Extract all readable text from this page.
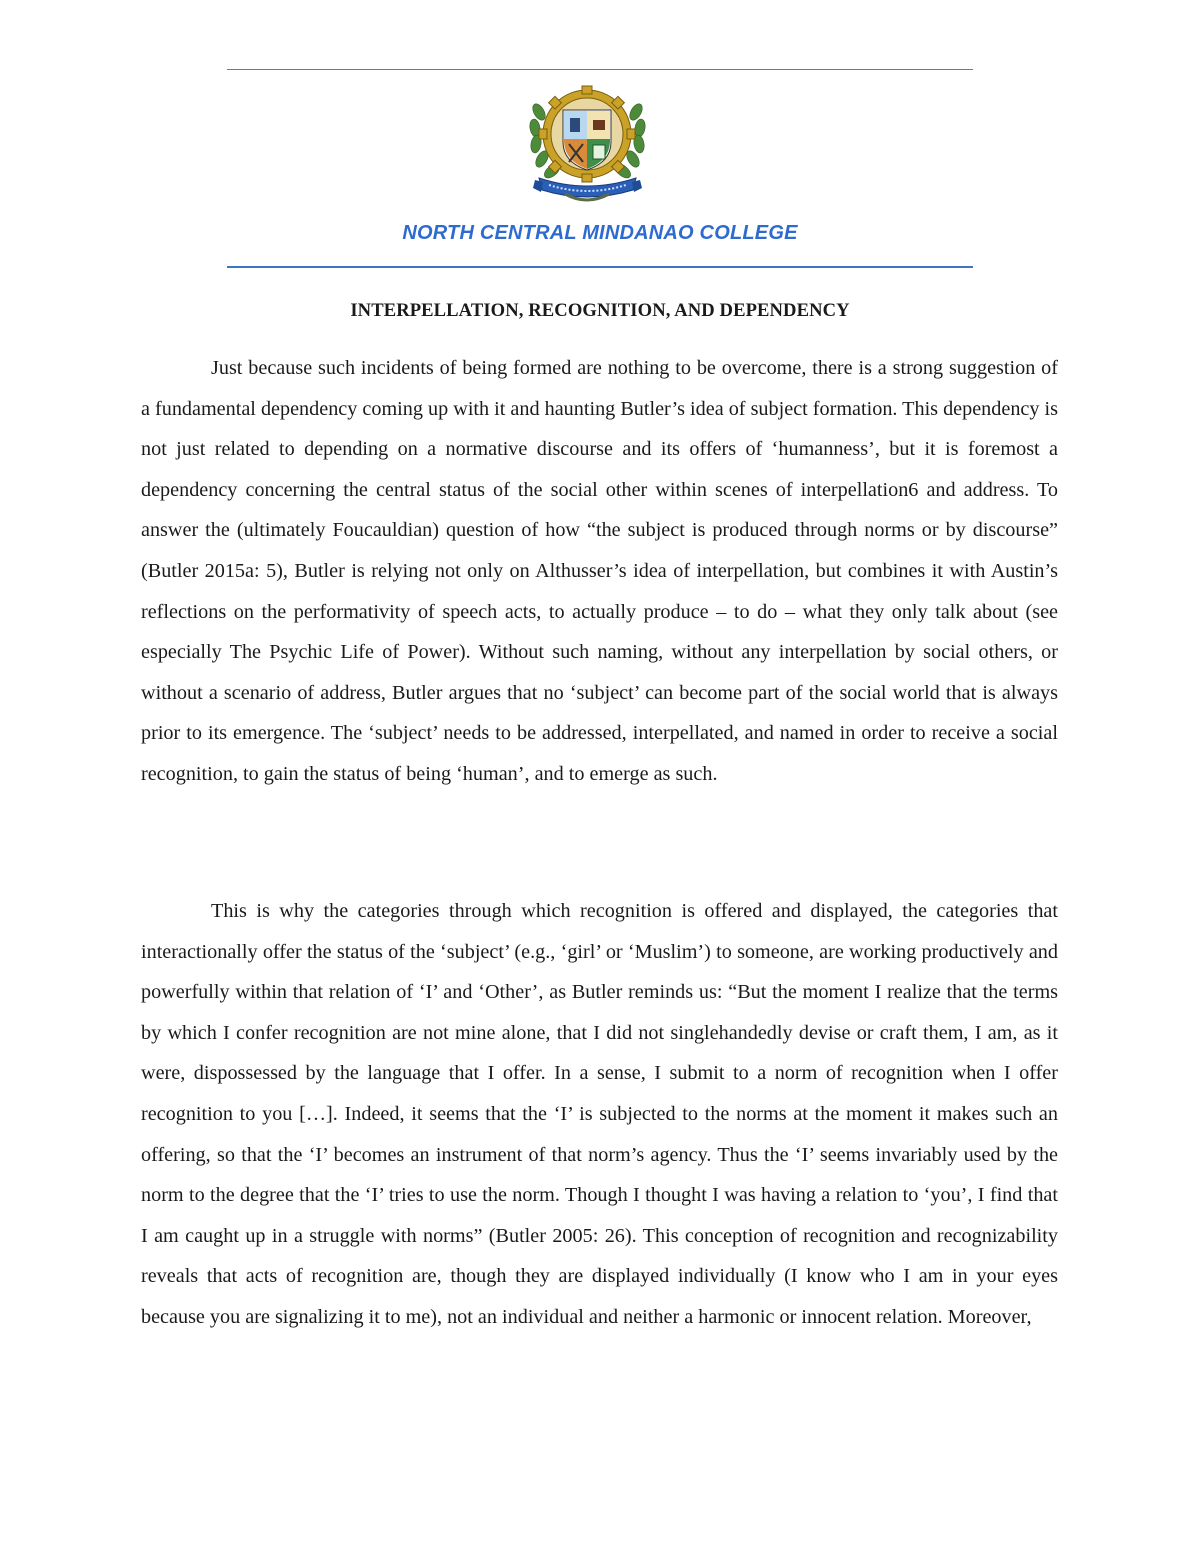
NORTH CENTRAL MINDANAO COLLEGE
INTERPELLATION, RECOGNITION, AND DEPENDENCY

Just because such incidents of being formed are nothing to be overcome, there is a strong suggestion of a fundamental dependency coming up with it and haunting Butler’s idea of subject formation. This dependency is not just related to depending on a normative discourse and its offers of ‘humanness’, but it is foremost a dependency concerning the central status of the social other within scenes of interpellation6 and address. To answer the (ultimately Foucauldian) question of how “the subject is produced through norms or by discourse” (Butler 2015a: 5), Butler is relying not only on Althusser’s idea of interpellation, but combines it with Austin’s reflections on the performativity of speech acts, to actually produce – to do – what they only talk about (see especially The Psychic Life of Power). Without such naming, without any interpellation by social others, or without a scenario of address, Butler argues that no ‘subject’ can become part of the social world that is always prior to its emergence. The ‘subject’ needs to be addressed, interpellated, and named in order to receive a social recognition, to gain the status of being ‘human’, and to emerge as such.

This is why the categories through which recognition is offered and displayed, the categories that interactionally offer the status of the ‘subject’ (e.g., ‘girl’ or ‘Muslim’) to someone, are working productively and powerfully within that relation of ‘I’ and ‘Other’, as Butler reminds us: “But the moment I realize that the terms by which I confer recognition are not mine alone, that I did not singlehandedly devise or craft them, I am, as it were, dispossessed by the language that I offer. In a sense, I submit to a norm of recognition when I offer recognition to you […]. Indeed, it seems that the ‘I’ is subjected to the norms at the moment it makes such an offering, so that the ‘I’ becomes an instrument of that norm’s agency. Thus the ‘I’ seems invariably used by the norm to the degree that the ‘I’ tries to use the norm. Though I thought I was having a relation to ‘you’, I find that I am caught up in a struggle with norms” (Butler 2005: 26). This conception of recognition and recognizability reveals that acts of recognition are, though they are displayed individually (I know who I am in your eyes because you are signalizing it to me), not an individual and neither a harmonic or innocent relation. Moreover,
